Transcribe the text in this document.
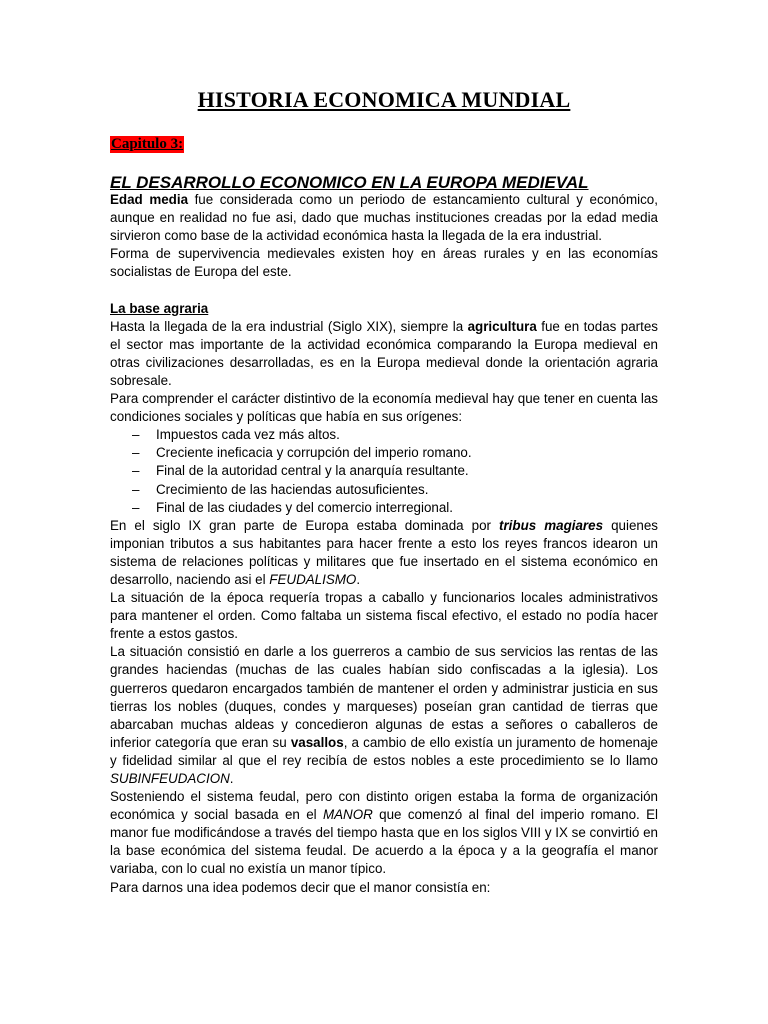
HISTORIA ECONOMICA MUNDIAL
Capitulo 3:
EL DESARROLLO ECONOMICO EN LA EUROPA MEDIEVAL

Edad media fue considerada como un periodo de estancamiento cultural y económico, aunque en realidad no fue asi, dado que muchas instituciones creadas por la edad media sirvieron como base de la actividad económica hasta la llegada de la era industrial.

Forma de supervivencia medievales existen hoy en áreas rurales y en las economías socialistas de Europa del este.

La base agraria

Hasta la llegada de la era industrial (Siglo XIX), siempre la agricultura fue en todas partes el sector mas importante de la actividad económica comparando la Europa medieval en otras civilizaciones desarrolladas, es en la Europa medieval donde la orientación agraria sobresale.

Para comprender el carácter distintivo de la economía medieval hay que tener en cuenta las condiciones sociales y políticas que había en sus orígenes:

– Impuestos cada vez más altos.
– Creciente ineficacia y corrupción del imperio romano.
– Final de la autoridad central y la anarquía resultante.
– Crecimiento de las haciendas autosuficientes.
– Final de las ciudades y del comercio interregional.

En el siglo IX gran parte de Europa estaba dominada por tribus magiares quienes imponian tributos a sus habitantes para hacer frente a esto los reyes francos idearon un sistema de relaciones políticas y militares que fue insertado en el sistema económico en desarrollo, naciendo asi el FEUDALISMO.

La situación de la época requería tropas a caballo y funcionarios locales administrativos para mantener el orden. Como faltaba un sistema fiscal efectivo, el estado no podía hacer frente a estos gastos.

La situación consistió en darle a los guerreros a cambio de sus servicios las rentas de las grandes haciendas (muchas de las cuales habían sido confiscadas a la iglesia). Los guerreros quedaron encargados también de mantener el orden y administrar justicia en sus tierras los nobles (duques, condes y marqueses) poseían gran cantidad de tierras que abarcaban muchas aldeas y concedieron algunas de estas a señores o caballeros de inferior categoría que eran su vasallos, a cambio de ello existía un juramento de homenaje y fidelidad similar al que el rey recibía de estos nobles a este procedimiento se lo llamo SUBINFEUDACION.

Sosteniendo el sistema feudal, pero con distinto origen estaba la forma de organización económica y social basada en el MANOR que comenzó al final del imperio romano. El manor fue modificándose a través del tiempo hasta que en los siglos VIII y IX se convirtió en la base económica del sistema feudal. De acuerdo a la época y a la geografía el manor variaba, con lo cual no existía un manor típico.

Para darnos una idea podemos decir que el manor consistía en:
